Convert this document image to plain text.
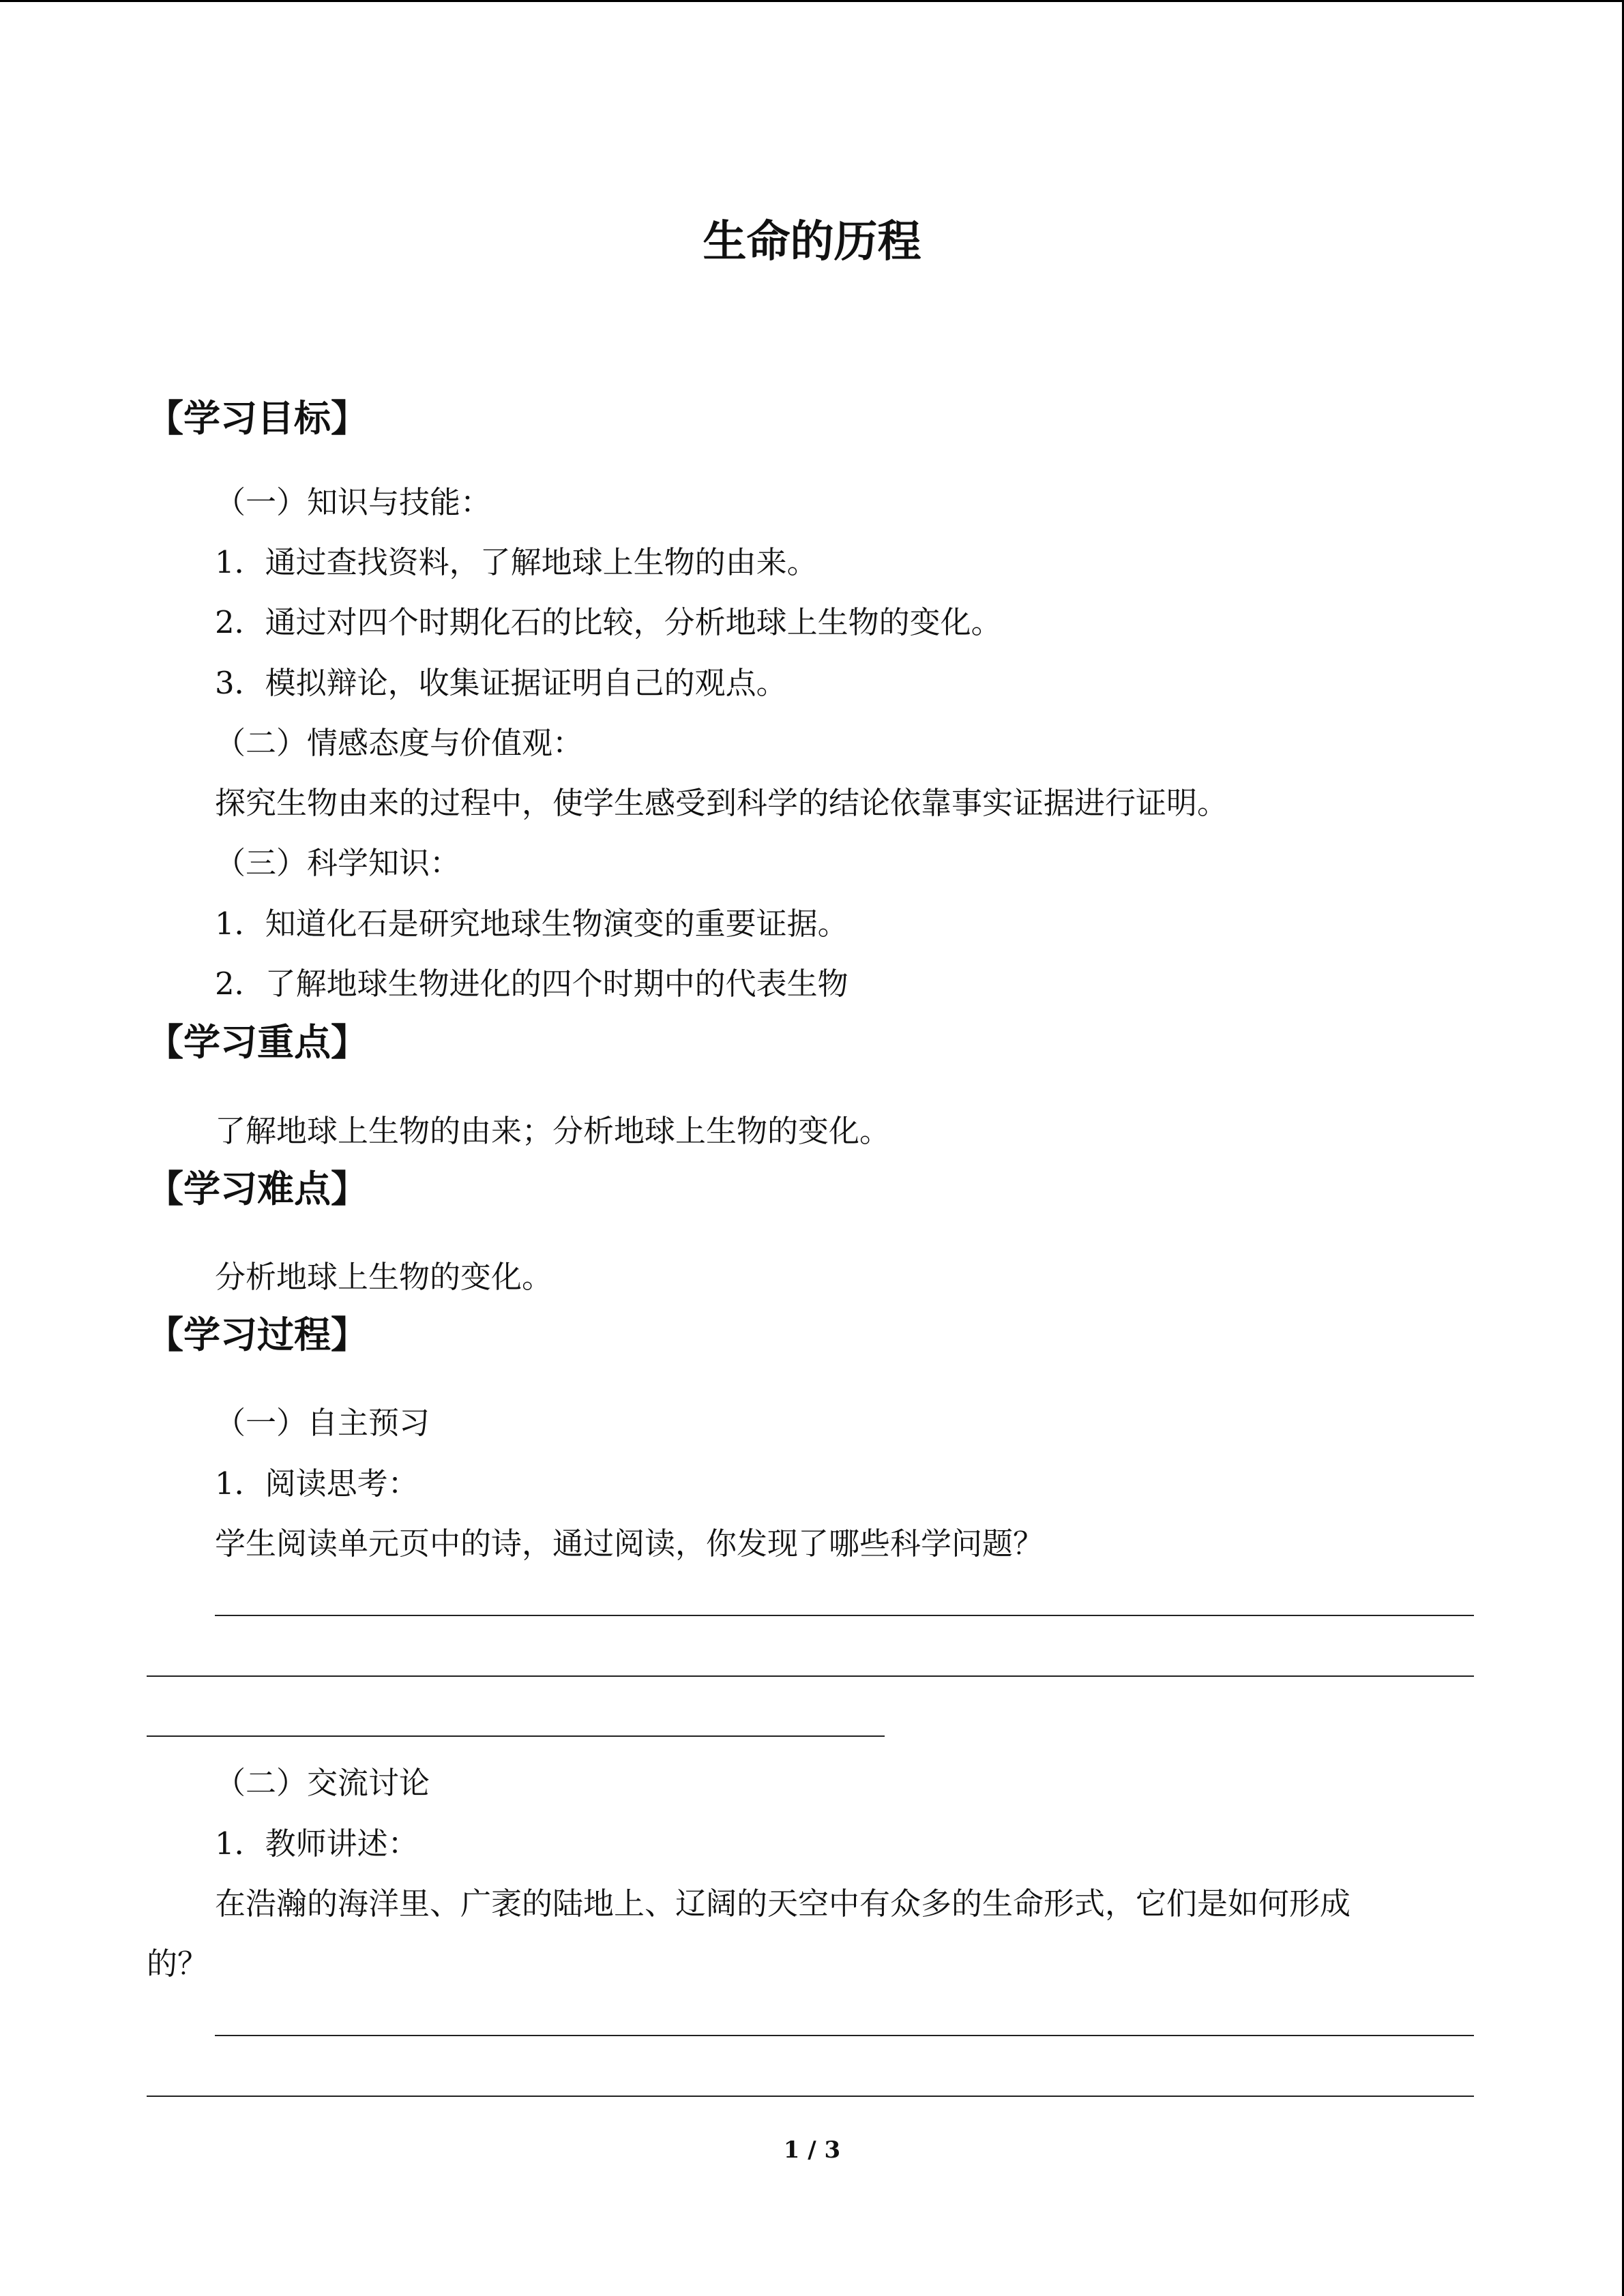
生命的历程
【学习目标】
（一）知识与技能：
1．通过查找资料，了解地球上生物的由来。
2．通过对四个时期化石的比较，分析地球上生物的变化。
3．模拟辩论，收集证据证明自己的观点。
（二）情感态度与价值观：
探究生物由来的过程中，使学生感受到科学的结论依靠事实证据进行证明。
（三）科学知识：
1．知道化石是研究地球生物演变的重要证据。
2．了解地球生物进化的四个时期中的代表生物
【学习重点】
了解地球上生物的由来；分析地球上生物的变化。
【学习难点】
分析地球上生物的变化。
【学习过程】
（一）自主预习
1．阅读思考：
学生阅读单元页中的诗，通过阅读，你发现了哪些科学问题？
（二）交流讨论
1．教师讲述：
在浩瀚的海洋里、广袤的陆地上、辽阔的天空中有众多的生命形式，它们是如何形成
的？
1 / 3
